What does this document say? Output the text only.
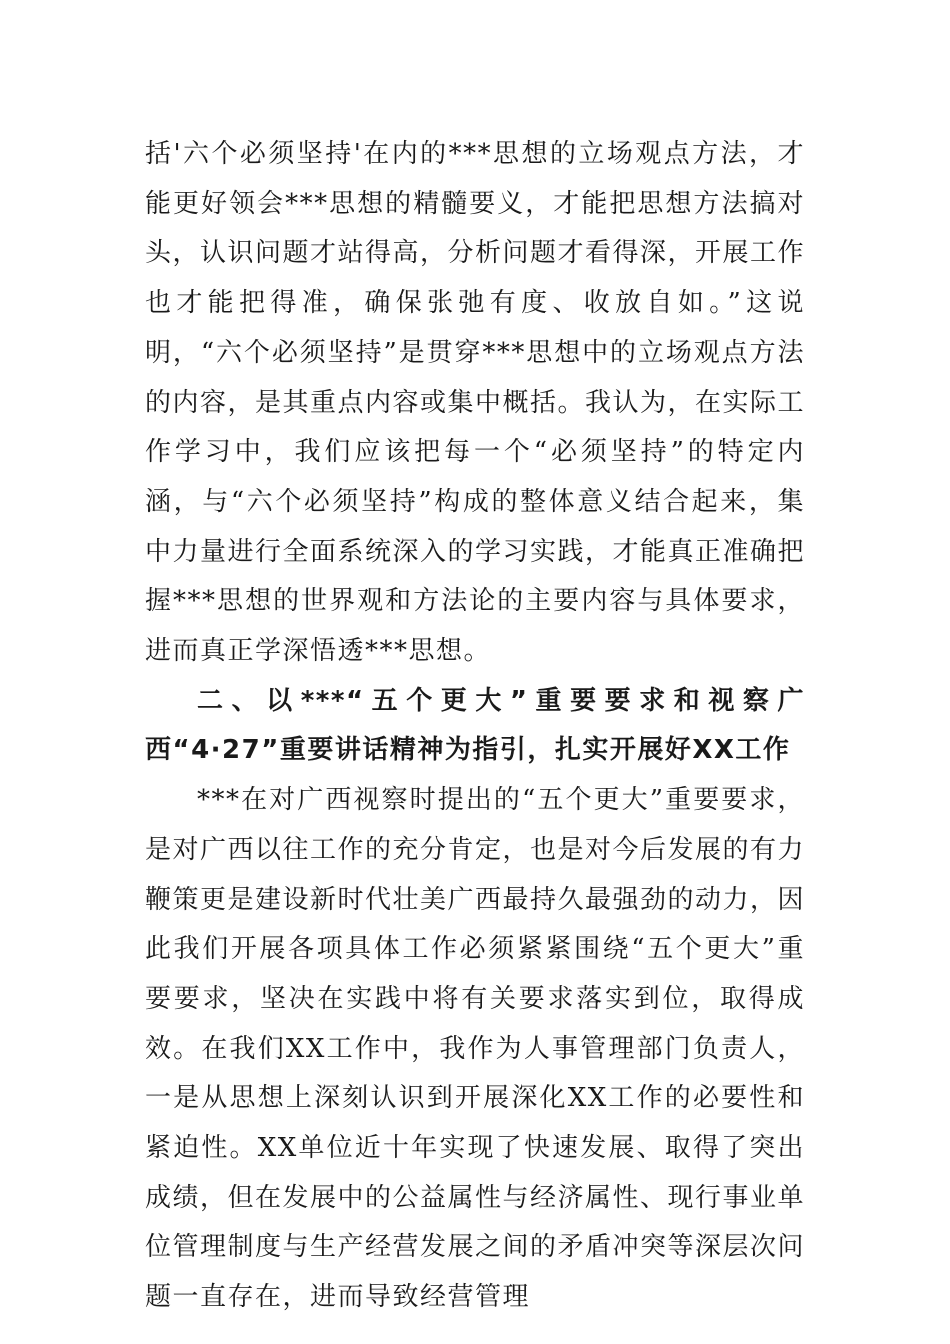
括'六个必须坚持'在内的***思想的立场观点方法，才能更好领会***思想的精髓要义，才能把思想方法搞对头，认识问题才站得高，分析问题才看得深，开展工作也才能把得准，确保张弛有度、收放自如。”这说明，“六个必须坚持”是贯穿***思想中的立场观点方法的内容，是其重点内容或集中概括。我认为，在实际工作学习中，我们应该把每一个“必须坚持”的特定内涵，与“六个必须坚持”构成的整体意义结合起来，集中力量进行全面系统深入的学习实践，才能真正准确把握***思想的世界观和方法论的主要内容与具体要求，进而真正学深悟透***思想。

二、以***“五个更大”重要要求和视察广西“4·27”重要讲话精神为指引，扎实开展好XX工作

***在对广西视察时提出的“五个更大”重要要求，是对广西以往工作的充分肯定，也是对今后发展的有力鞭策更是建设新时代壮美广西最持久最强劲的动力，因此我们开展各项具体工作必须紧紧围绕“五个更大”重要要求，坚决在实践中将有关要求落实到位，取得成效。在我们XX工作中，我作为人事管理部门负责人，一是从思想上深刻认识到开展深化XX工作的必要性和紧迫性。XX单位近十年实现了快速发展、取得了突出成绩，但在发展中的公益属性与经济属性、现行事业单位管理制度与生产经营发展之间的矛盾冲突等深层次问题一直存在，进而导致经营管理
